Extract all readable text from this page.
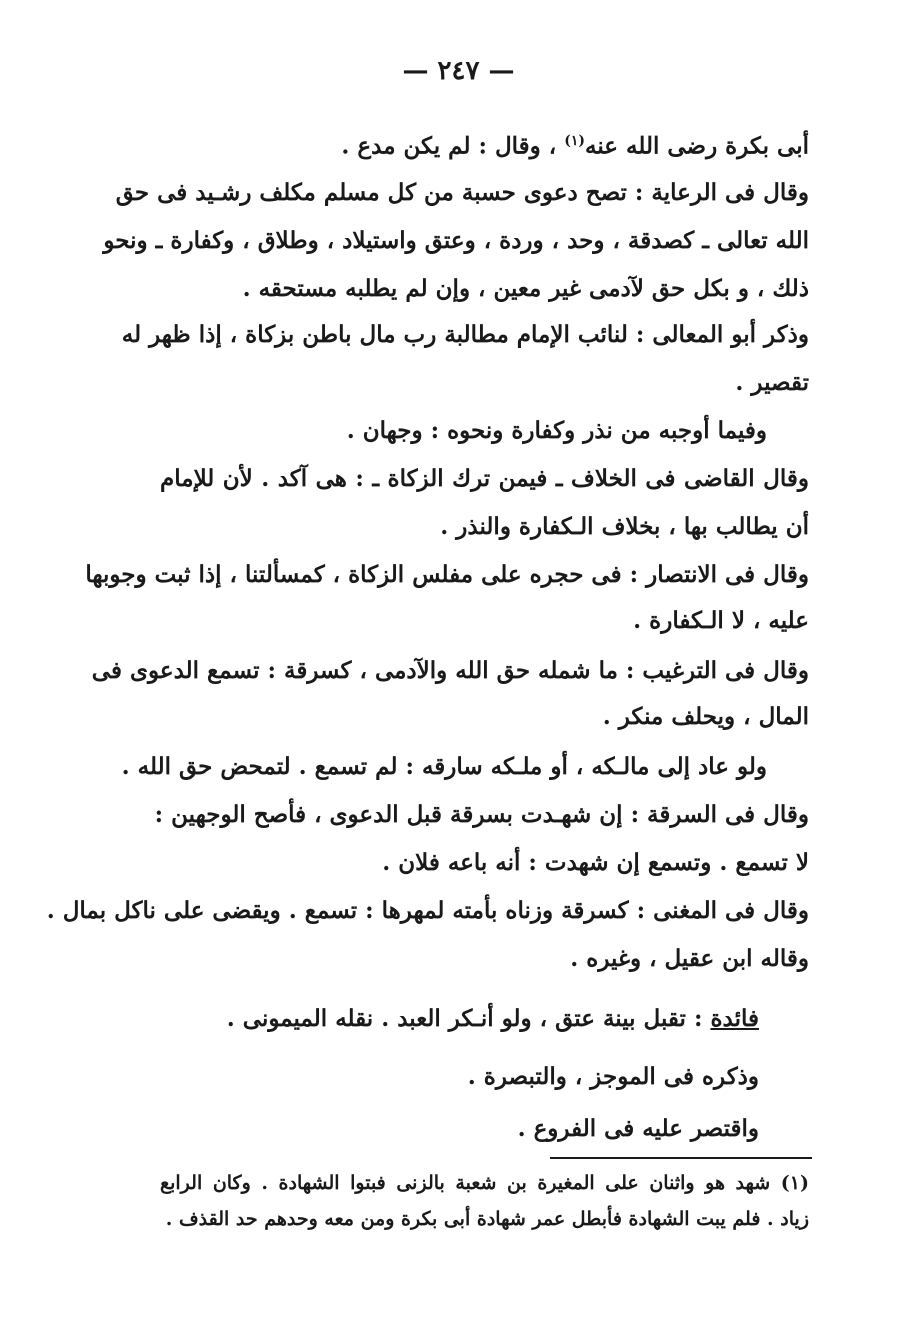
— ٢٤٧ —
أبى بكرة رضى الله عنه$^{(١)}$ ، وقال : لم يكن مدع .
وقال فى الرعاية : تصح دعوى حسبة من كل مسلم مكلف رشـيد فى حق
الله تعالى ـ كصدقة ، وحد ، وردة ، وعتق واستيلاد ، وطلاق ، وكفارة ـ ونحو
ذلك ، و بكل حق لآدمى غير معين ، وإن لم يطلبه مستحقه .
وذكر أبو المعالى : لنائب الإمام مطالبة رب مال باطن بزكاة ، إذا ظهر له
تقصير .
وفيما أوجبه من نذر وكفارة ونحوه : وجهان .
وقال القاضى فى الخلاف ـ فيمن ترك الزكاة ـ : هى آكد . لأن للإمام
أن يطالب بها ، بخلاف الـكفارة والنذر .
وقال فى الانتصار : فى حجره على مفلس الزكاة ، كمسألتنا ، إذا ثبت وجوبها
عليه ، لا الـكفارة .
وقال فى الترغيب : ما شمله حق الله والآدمى ، كسرقة : تسمع الدعوى فى
المال ، ويحلف منكر .
ولو عاد إلى مالـكه ، أو ملـكه سارقه : لم تسمع . لتمحض حق الله .
وقال فى السرقة : إن شهـدت بسرقة قبل الدعوى ، فأصح الوجهين :
لا تسمع . وتسمع إن شهدت : أنه باعه فلان .
وقال فى المغنى : كسرقة وزناه بأمته لمهرها : تسمع . ويقضى على ناكل بمال .
وقاله ابن عقيل ، وغيره .
فائدة : تقبل بينة عتق ، ولو أنـكر العبد . نقله الميمونى .
وذكره فى الموجز ، والتبصرة .
واقتصر عليه فى الفروع .
(١) شهد هو واثنان على المغيرة بن شعبة بالزنى فبتوا الشهادة . وكان الرابع
زياد . فلم يبت الشهادة فأبطل عمر شهادة أبى بكرة ومن معه وحدهم حد القذف .
